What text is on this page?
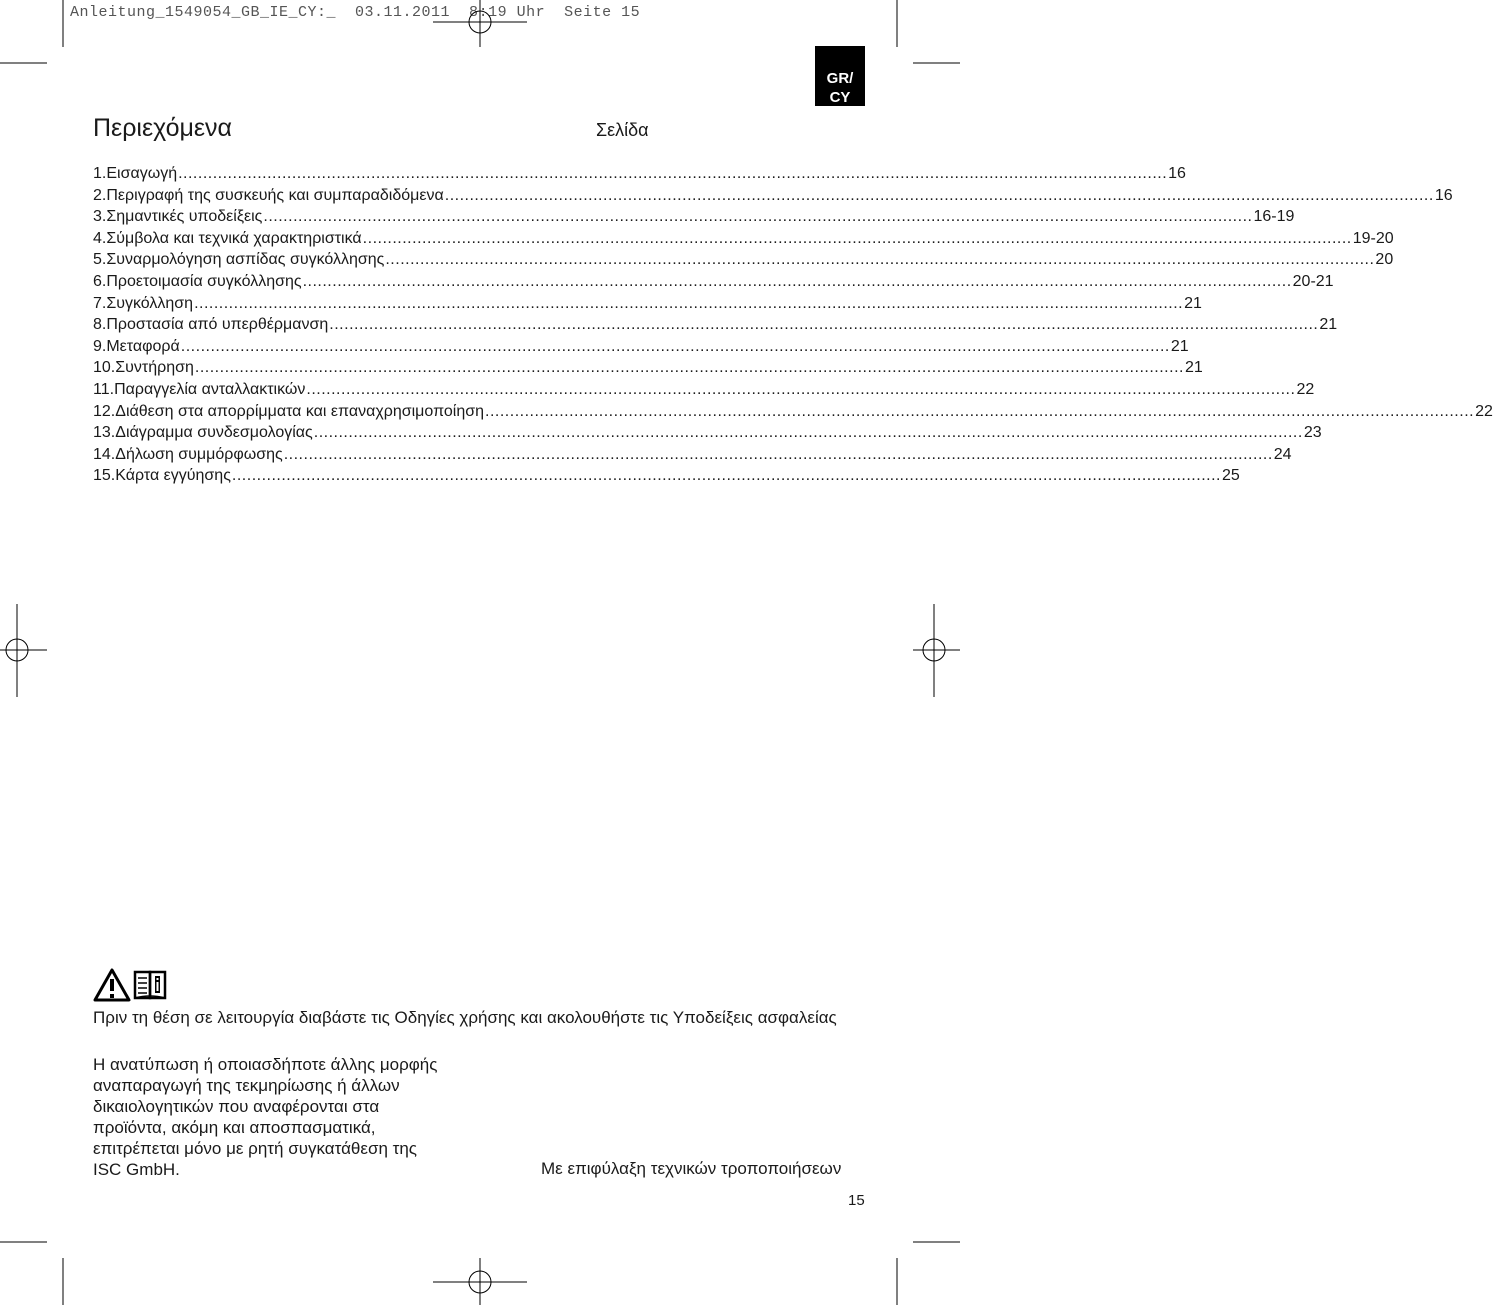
Anleitung_1549054_GB_IE_CY:_  03.11.2011  8:19 Uhr  Seite 15
GR/
CY
Περιεχόμενα	Σελίδα
1. Εισαγωγή ........................................................................................................................................................................................................ 16
2. Περιγραφή της συσκευής και συμπαραδιδόμενα ........................................................................................................................................................................................................ 16
3. Σημαντικές υποδείξεις ........................................................................................................................................................................................................ 16-19
4. Σύμβολα και τεχνικά χαρακτηριστικά ........................................................................................................................................................................................................ 19-20
5. Συναρμολόγηση ασπίδας συγκόλλησης ........................................................................................................................................................................................................ 20
6. Προετοιμασία συγκόλλησης ........................................................................................................................................................................................................ 20-21
7. Συγκόλληση ........................................................................................................................................................................................................ 21
8. Προστασία από υπερθέρμανση ........................................................................................................................................................................................................ 21
9. Μεταφορά ........................................................................................................................................................................................................ 21
10. Συντήρηση ........................................................................................................................................................................................................ 21
11. Παραγγελία ανταλλακτικών ........................................................................................................................................................................................................ 22
12. Διάθεση στα απορρίμματα και επαναχρησιμοποίηση ........................................................................................................................................................................................................ 22
13. Διάγραμμα συνδεσμολογίας ........................................................................................................................................................................................................ 23
14. Δήλωση συμμόρφωσης ........................................................................................................................................................................................................ 24
15. Κάρτα εγγύησης ........................................................................................................................................................................................................ 25
Πριν τη θέση σε λειτουργία διαβάστε τις Οδηγίες χρήσης και ακολουθήστε τις Υποδείξεις ασφαλείας
Η ανατύπωση ή οποιασδήποτε άλλης μορφής
αναπαραγωγή της τεκμηρίωσης ή άλλων
δικαιολογητικών που αναφέρονται στα
προϊόντα, ακόμη και αποσπασματικά,
επιτρέπεται μόνο με ρητή συγκατάθεση της
ISC GmbH.	Με επιφύλαξη τεχνικών τροποποιήσεων
15
